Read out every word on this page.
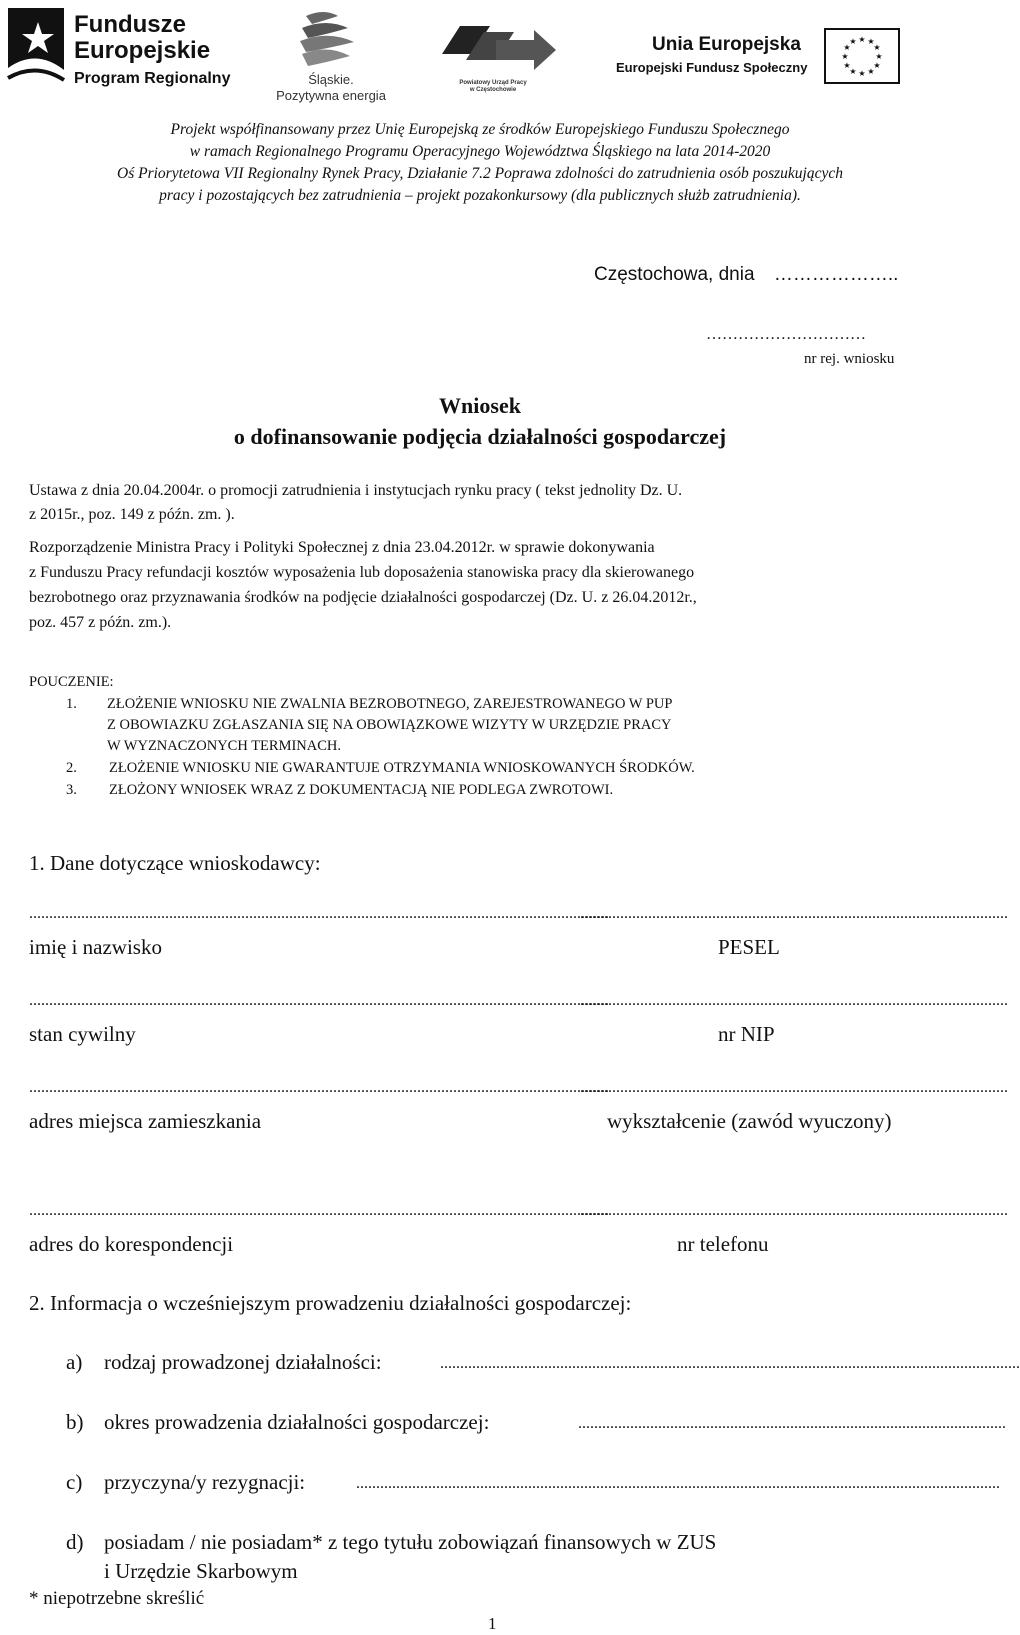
Fundusze
Europejskie
Program Regionalny	Śląskie.
Pozytywna energia
Powiatowy Urząd Pracy
w Częstochowie
Unia Europejska
Europejski Fundusz Społeczny
★ ★
★
★
★
★
★
★
★
★
★
★
Projekt współfinansowany przez Unię Europejską ze środków Europejskiego Funduszu Społecznego
w ramach Regionalnego Programu Operacyjnego Województwa Śląskiego na lata 2014-2020
Oś Priorytetowa VII Regionalny Rynek Pracy, Działanie 7.2 Poprawa zdolności do zatrudnienia osób poszukujących
pracy i pozostających bez zatrudnienia – projekt pozakonkursowy (dla publicznych służb zatrudnienia).
Częstochowa, dnia ………………..
…………………………
nr rej. wniosku
Wniosek
o dofinansowanie podjęcia działalności gospodarczej
Ustawa z dnia 20.04.2004r. o promocji zatrudnienia i instytucjach rynku pracy ( tekst jednolity Dz. U.
z 2015r., poz. 149 z późn. zm. ).
Rozporządzenie Ministra Pracy i Polityki Społecznej z dnia 23.04.2012r. w sprawie dokonywania
z Funduszu Pracy refundacji kosztów wyposażenia lub doposażenia stanowiska pracy dla skierowanego
bezrobotnego oraz przyznawania środków na podjęcie działalności gospodarczej (Dz. U. z 26.04.2012r.,
poz. 457 z późn. zm.).
POUCZENIE:
1. ZŁOŻENIE WNIOSKU NIE ZWALNIA BEZROBOTNEGO, ZAREJESTROWANEGO W PUP
Z OBOWIAZKU ZGŁASZANIA SIĘ NA OBOWIĄZKOWE WIZYTY W URZĘDZIE PRACY
W WYZNACZONYCH TERMINACH.
2. ZŁOŻENIE WNIOSKU NIE GWARANTUJE OTRZYMANIA WNIOSKOWANYCH ŚRODKÓW.
3. ZŁOŻONY WNIOSEK WRAZ Z DOKUMENTACJĄ NIE PODLEGA ZWROTOWI.
1. Dane dotyczące wnioskodawcy:
.................................................................................................................................................
...........................................................................................................
imię i nazwisko	PESEL
.................................................................................................................................................
...........................................................................................................
stan cywilny	nr NIP
.................................................................................................................................................
...........................................................................................................
adres miejsca zamieszkania	wykształcenie (zawód wyuczony)
.................................................................................................................................................
...........................................................................................................
adres do korespondencji	nr telefonu
2. Informacja o wcześniejszym prowadzeniu działalności gospodarczej:
a) rodzaj prowadzonej działalności:	.................................................................................................................................................
b) okres prowadzenia działalności gospodarczej:	...........................................................................................................
c) przyczyna/y rezygnacji:	.................................................................................................................................................................
d) posiadam / nie posiadam* z tego tytułu zobowiązań finansowych w ZUS
i Urzędzie Skarbowym
* niepotrzebne skreślić
1
